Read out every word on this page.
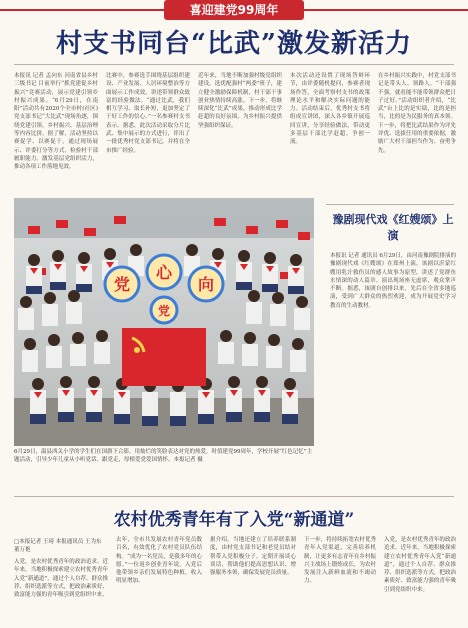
喜迎建党99周年
村支书同台“比武”激发新活力
本报讯 记者 孟向东 河南省县乡村三级书记 目前举行“抓党建促乡村振兴”竞赛活动，展示党建引领乡村振兴成果。“6月29日，在南阳”活动共有2020个全市村(社区)党支部书记“大比武”现场角逐，围绕党建引领、乡村振兴、基层治理等内容比拼。据了解，活动坚持以赛促学、以赛促干，通过现场展示、评委打分等方式，检验村干部履职能力，激发基层党组织活力，推动各项工作落地见效。
比赛中，参赛选手围绕基层组织建设、产业发展、人居环境整治等方面展示工作成效，讲述带领群众致富的经验做法。“通过比武，我们相互学习、取长补短，更加坚定了干好工作的信心。”一名参赛村支书表示。据悉，此次活动采取分片比武、集中展示的方式进行，评出了一批优秀村党支部书记，并将在全市推广经验。
近年来，当地不断加强村级党组织建设，选优配强村“两委”班子，建立健全激励保障机制，村干部干事创业热情持续高涨。下一步，将继续深化“比武”成果，推动形成比学赶超的良好氛围，为乡村振兴提供坚强组织保证。
本次活动还设置了现场答辩环节，由评委随机提问，参赛者现场作答，全面考察村支书的政策理论水平和解决实际问题的能力。活动结束后，优秀村支书将组成宣讲团，深入各乡镇开展巡回宣讲，分享经验做法，带动更多基层干部比学赶超、争创一流。
在乡村振兴实践中，村党支部书记是带头人、领路人。“干部强不强，就看能不能带领群众把日子过好。”活动组织者介绍，“比武”台上比的是实绩，比的是担当，比的是为民服务的真本领。下一步，将把比武结果作为评先评优、选拔任用的重要依据，激励广大村干部担当作为、奋勇争先。
党
心
向
党
6月29日，温县西关小学的学生们在国旗下合影，用灿烂的笑脸表达对党的热爱。时值建党99周年，学校开展“红色记忆”主题活动，引导少年儿童从小听党话、跟党走，厚植爱党爱国情怀。本报记者 摄
豫剧现代戏《红嫂颂》上演
本报讯 记者 通讯员 6月29日，由河南豫剧院排演的豫剧现代戏《红嫂颂》在郑州上演。该剧以沂蒙红嫂用乳汁救伤员的感人故事为原型，讲述了党群鱼水情深的动人篇章。演出现场座无虚席，观众掌声不断。据悉，该剧自创排以来，先后在全省多地巡演，受到广大群众的热烈欢迎，成为开展党史学习教育的生动教材。
农村优秀青年有了入党“新通道”
□本报记者 王琦 本报通讯员 王为东 董万艳
入党，是农村优秀青年的政治追求。近年来，当地积极探索建立农村优秀青年入党“新通道”，通过个人自荐、群众推荐、组织选派等方式，把政治素质好、致富能力强的青年吸引到党组织中来。
去年，全市共发展农村青年党员数百名，有效优化了农村党员队伍结构。“成为一名党员，是我多年的心愿。”一位返乡创业青年说，入党后他带领乡亲们发展特色种植，收入明显增加。
据介绍，当地还建立了培养联系制度，由村党支部书记和老党员结对帮带入党积极分子，定期开展谈心谈话，帮助他们提高思想认识、增强服务本领，确保发展党员质量。
下一步，将持续拓宽农村优秀青年入党渠道，完善培养机制，让更多有志青年在乡村振兴主战场上锻炼成长，为农村发展注入新鲜血液和不竭动力。
入党，是农村优秀青年的政治追求。近年来，当地积极探索建立农村优秀青年入党“新通道”，通过个人自荐、群众推荐、组织选派等方式，把政治素质好、致富能力强的青年吸引到党组织中来。
